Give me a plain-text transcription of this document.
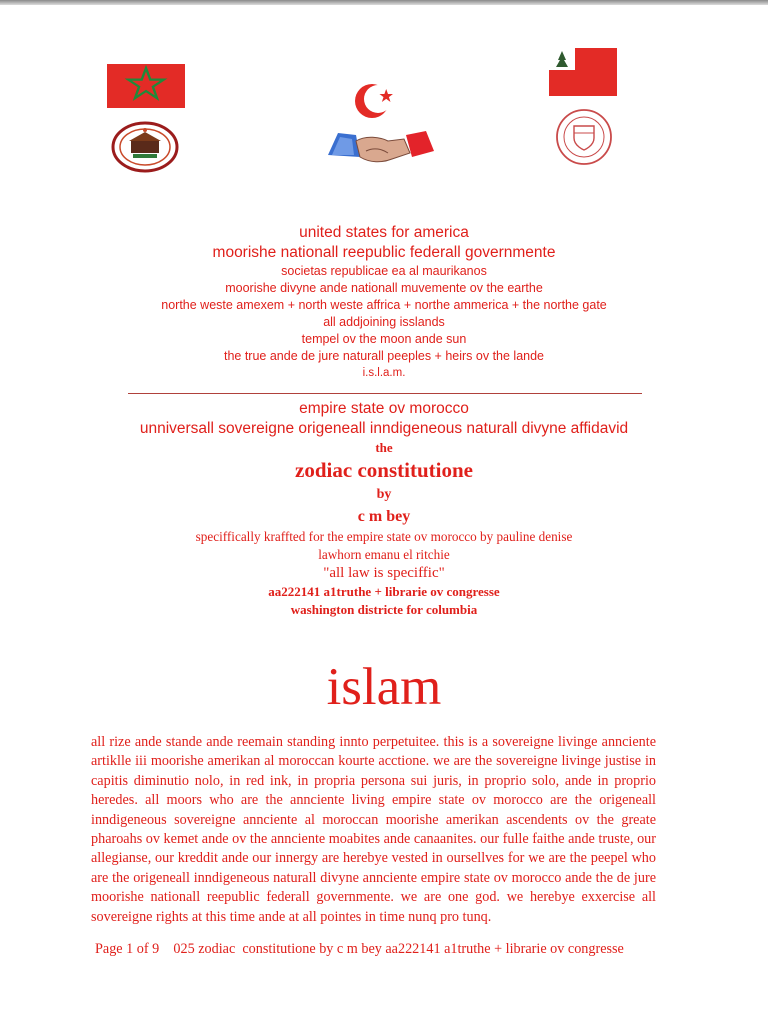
united states for america
moorishe nationall reepublic federall governmente
societas republicae ea al maurikanos
moorishe divyne ande nationall muvemente ov the earthe
northe weste amexem + north weste affrica + northe ammerica + the northe gate
all addjoining isslands
tempel ov the moon ande sun
the true ande de jure naturall peeples + heirs ov the lande
i.s.l.a.m.
empire state ov morocco
unniversall sovereigne origeneall inndigeneous naturall divyne affidavid
the
zodiac constitutione
by
c m bey
speciffically kraffted for the empire state ov morocco by pauline denise
lawhorn emanu el ritchie
"all law is speciffic"
aa222141 a1truthe + librarie ov congresse
washington districte for columbia
islam
all rize ande stande ande reemain standing innto perpetuitee. this is a sovereigne livinge annciente artiklle iii moorishe amerikan al moroccan kourte acctione. we are the sovereigne livinge justise in capitis diminutio nolo, in red ink, in propria persona sui juris, in proprio solo, ande in proprio heredes. all moors who are the annciente living empire state ov morocco are the origeneall inndigeneous sovereigne annciente al moroccan moorishe amerikan ascendents ov the greate pharoahs ov kemet ande ov the annciente moabites ande canaanites. our fulle faithe ande truste, our allegianse, our kreddit ande our innergy are herebye vested in oursellves for we are the peepel who are the origeneall inndigeneous naturall divyne annciente empire state ov morocco ande the de jure moorishe nationall reepublic federall governmente. we are one god. we herebye exxercise all sovereigne rights at this time ande at all pointes in time nunq pro tunq.
Page 1 of 9    025 zodiac  constitutione by c m bey aa222141 a1truthe + librarie ov congresse
